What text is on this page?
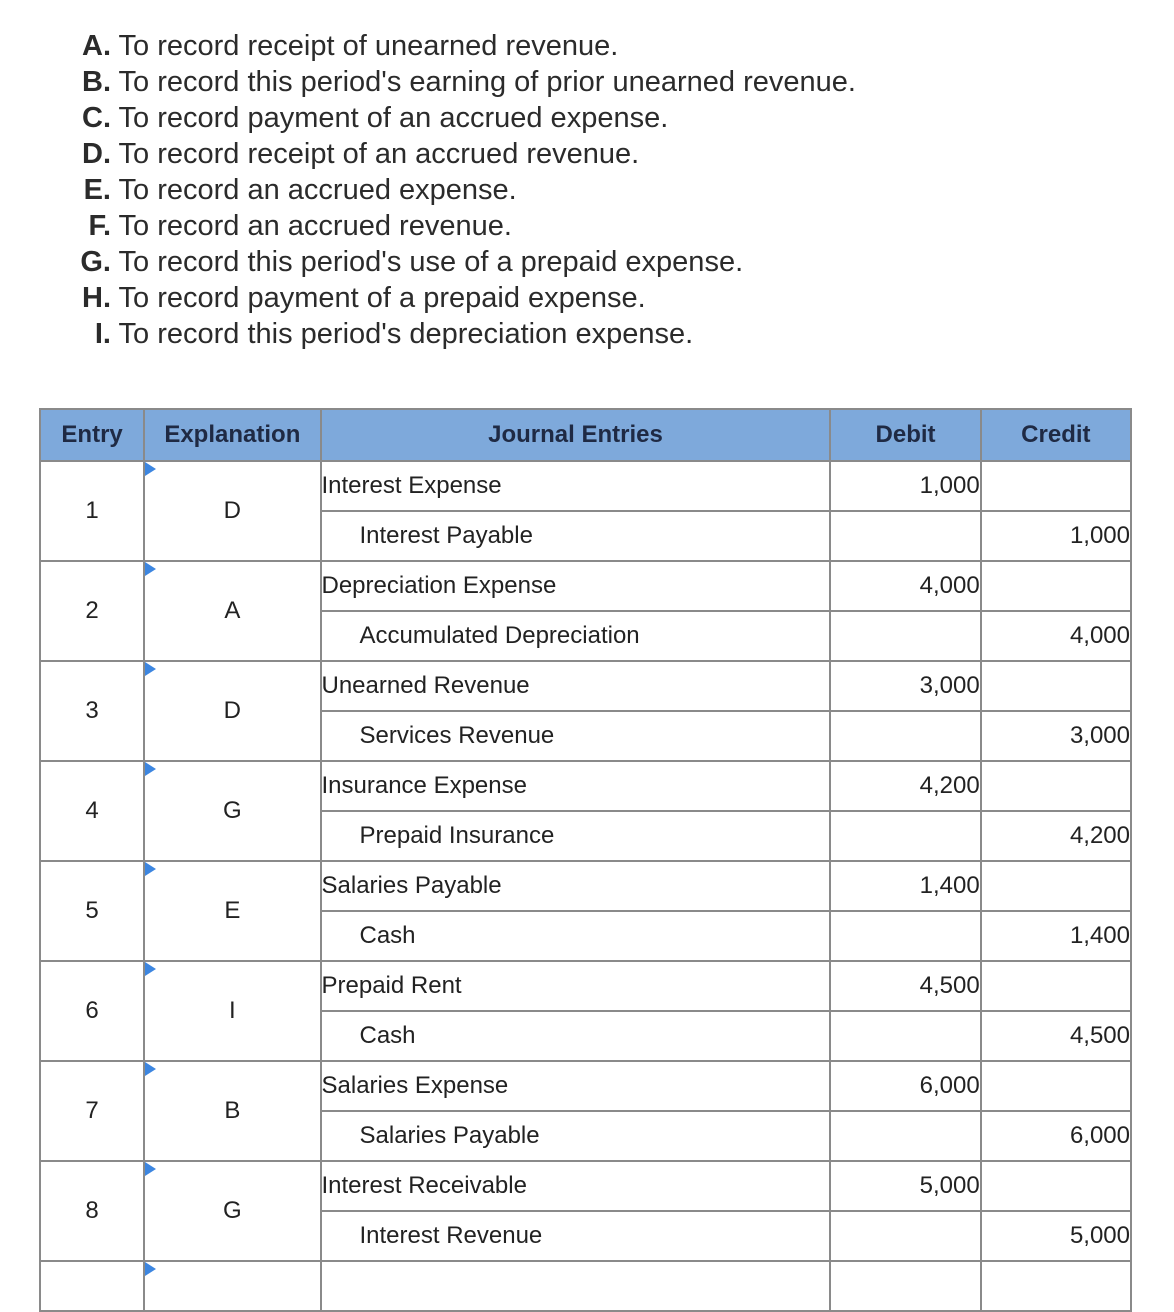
A. To record receipt of unearned revenue.
B. To record this period's earning of prior unearned revenue.
C. To record payment of an accrued expense.
D. To record receipt of an accrued revenue.
E. To record an accrued expense.
F. To record an accrued revenue.
G. To record this period's use of a prepaid expense.
H. To record payment of a prepaid expense.
I. To record this period's depreciation expense.
Entry	Explanation	Journal Entries	Debit	Credit
1	D	Interest Expense	1,000	
		Interest Payable		1,000
2	A	Depreciation Expense	4,000	
		Accumulated Depreciation		4,000
3	D	Unearned Revenue	3,000	
		Services Revenue		3,000
4	G	Insurance Expense	4,200	
		Prepaid Insurance		4,200
5	E	Salaries Payable	1,400	
		Cash		1,400
6	I	Prepaid Rent	4,500	
		Cash		4,500
7	B	Salaries Expense	6,000	
		Salaries Payable		6,000
8	G	Interest Receivable	5,000	
		Interest Revenue		5,000
